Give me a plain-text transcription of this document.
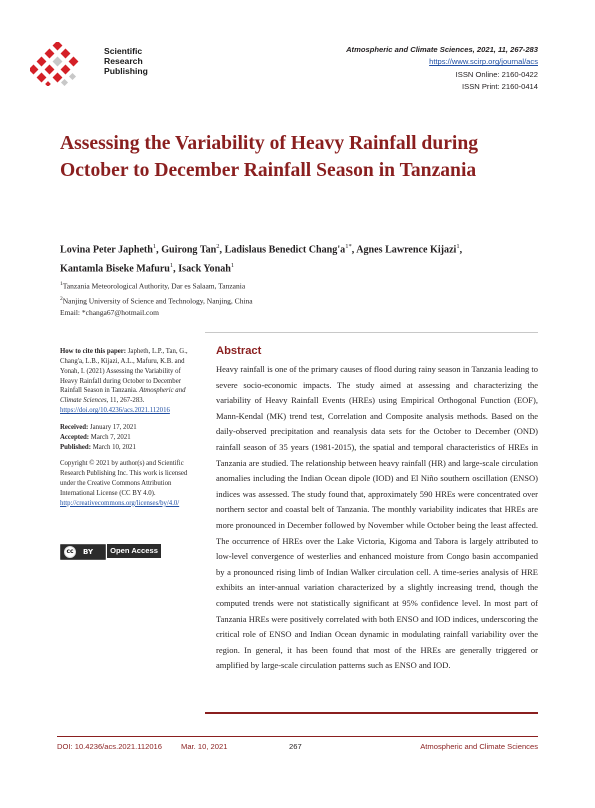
Scientific
Research
Publishing
Atmospheric and Climate Sciences, 2021, 11, 267-283
https://www.scirp.org/journal/acs
ISSN Online: 2160-0422
ISSN Print: 2160-0414
Assessing the Variability of Heavy Rainfall during October to December Rainfall Season in Tanzania
Lovina Peter Japheth$^1$, Guirong Tan$^2$, Ladislaus Benedict $Chang'a^{1*}$, Agnes Lawrence Kijazi$^1$,
Kantamla Biseke Mafuru$^1$, Isack Yonah$^1$
$^1$Tanzania Meteorological Authority, Dar es Salaam, Tanzania
$^2$Nanjing University of Science and Technology, Nanjing, China
Email: *changa67@hotmail.com
How to cite this paper: Japheth, L.P., Tan, G., Chang'a, L.B., Kijazi, A.L., Mafuru, K.B. and Yonah, I. (2021) Assessing the Variability of Heavy Rainfall during October to December Rainfall Season in Tanzania. Atmospheric and Climate Sciences, 11, 267-283.
https://doi.org/10.4236/acs.2021.112016
Received: January 17, 2021
Accepted: March 7, 2021
Published: March 10, 2021
Copyright © 2021 by author(s) and Scientific Research Publishing Inc. This work is licensed under the Creative Commons Attribution International License (CC BY 4.0).
http://creativecommons.org/licenses/by/4.0/
cc	BY	Open Access
Abstract
Heavy rainfall is one of the primary causes of flood during rainy season in Tanzania leading to severe socio-economic impacts. The study aimed at assessing and characterizing the variability of Heavy Rainfall Events (HREs) using Empirical Orthogonal Function (EOF), Mann-Kendal (MK) trend test, Correlation and Composite analysis methods. Based on the daily-observed precipitation and reanalysis data sets for the October to December (OND) rainfall season of 35 years (1981-2015), the spatial and temporal characteristics of HREs in Tanzania are studied. The relationship between heavy rainfall (HR) and large-scale circulation anomalies including the Indian Ocean dipole (IOD) and El Niño southern oscillation (ENSO) indices was assessed. The study found that, approximately 590 HREs were concentrated over northern sector and coastal belt of Tanzania. The monthly variability indicates that HREs are more pronounced in December followed by November while October being the least affected. The occurrence of HREs over the Lake Victoria, Kigoma and Tabora is largely attributed to low-level convergence of westerlies and enhanced moisture from Congo basin accompanied by a pronounced rising limb of Indian Walker circulation cell. A time-series analysis of HRE exhibits an inter-annual variation characterized by a slightly increasing trend, though the computed trends were not statistically significant at 95% confidence level. In most part of Tanzania HREs were positively correlated with both ENSO and IOD indices, underscoring the critical role of ENSO and Indian Ocean dynamic in modulating rainfall variability over the region. In general, it has been found that most of the HREs are generally triggered or amplified by large-scale circulation patterns such as ENSO and IOD.
DOI: 10.4236/acs.2021.112016	Mar. 10, 2021	267	Atmospheric and Climate Sciences
